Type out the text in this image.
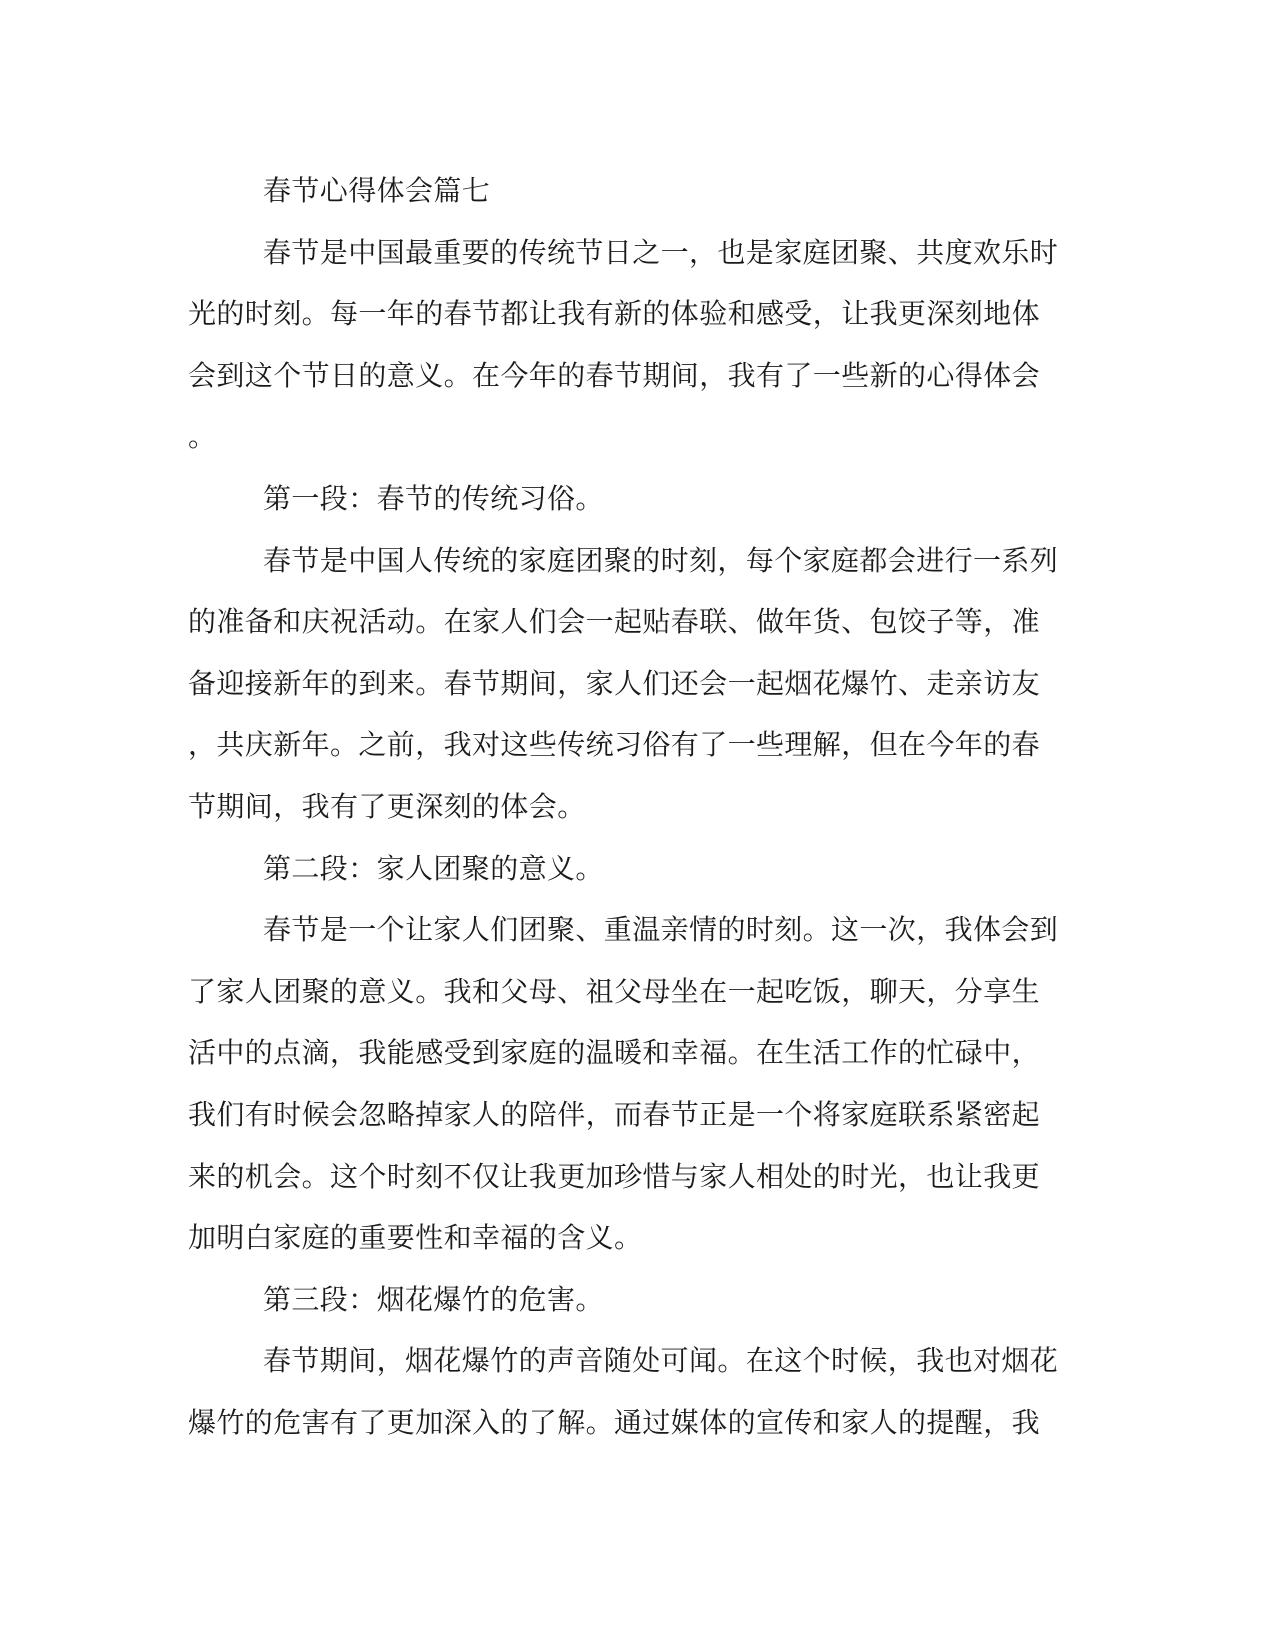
春节心得体会篇七

春节是中国最重要的传统节日之一，也是家庭团聚、共度欢乐时
光的时刻。每一年的春节都让我有新的体验和感受，让我更深刻地体
会到这个节日的意义。在今年的春节期间，我有了一些新的心得体会
。

第一段：春节的传统习俗。

春节是中国人传统的家庭团聚的时刻，每个家庭都会进行一系列
的准备和庆祝活动。在家人们会一起贴春联、做年货、包饺子等，准
备迎接新年的到来。春节期间，家人们还会一起烟花爆竹、走亲访友
，共庆新年。之前，我对这些传统习俗有了一些理解，但在今年的春
节期间，我有了更深刻的体会。

第二段：家人团聚的意义。

春节是一个让家人们团聚、重温亲情的时刻。这一次，我体会到
了家人团聚的意义。我和父母、祖父母坐在一起吃饭，聊天，分享生
活中的点滴，我能感受到家庭的温暖和幸福。在生活工作的忙碌中，
我们有时候会忽略掉家人的陪伴，而春节正是一个将家庭联系紧密起
来的机会。这个时刻不仅让我更加珍惜与家人相处的时光，也让我更
加明白家庭的重要性和幸福的含义。

第三段：烟花爆竹的危害。

春节期间，烟花爆竹的声音随处可闻。在这个时候，我也对烟花
爆竹的危害有了更加深入的了解。通过媒体的宣传和家人的提醒，我
